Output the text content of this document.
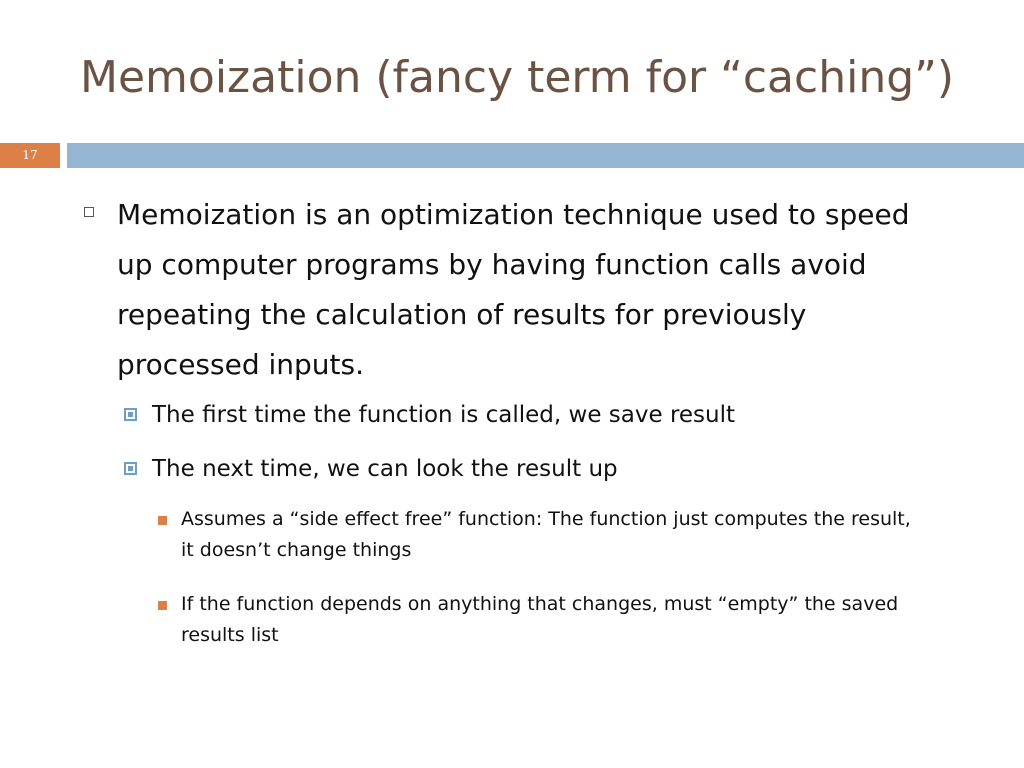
Memoization (fancy term for “caching”)
17
Memoization is an optimization technique used to speed up computer programs by having function calls avoid repeating the calculation of results for previously processed inputs.
The first time the function is called, we save result
The next time, we can look the result up
Assumes a “side effect free” function: The function just computes the result, it doesn’t change things
If the function depends on anything that changes, must “empty” the saved results list
